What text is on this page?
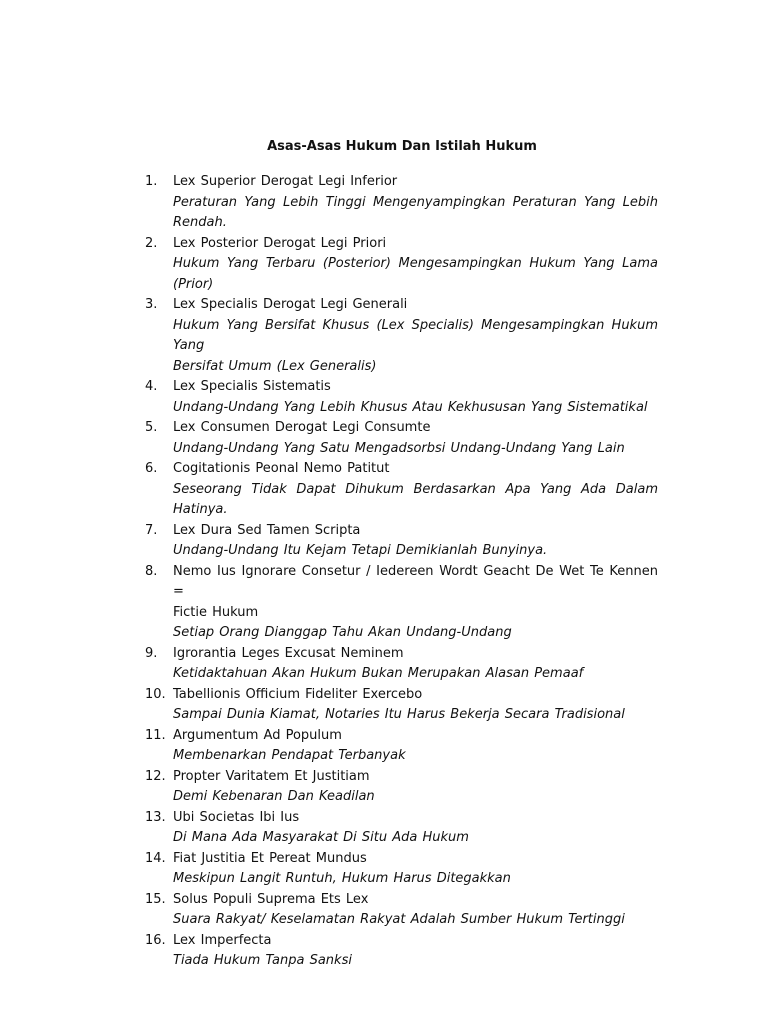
Asas-Asas Hukum Dan Istilah Hukum
1.	Lex Superior Derogat Legi Inferior
Peraturan Yang Lebih Tinggi Mengenyampingkan Peraturan Yang Lebih
Rendah.
2.	Lex Posterior Derogat Legi Priori
Hukum Yang Terbaru (Posterior) Mengesampingkan Hukum Yang Lama
(Prior)
3.	Lex Specialis Derogat Legi Generali
Hukum Yang Bersifat Khusus (Lex Specialis) Mengesampingkan Hukum Yang
Bersifat Umum (Lex Generalis)
4.	Lex Specialis Sistematis
Undang-Undang Yang Lebih Khusus Atau Kekhususan Yang Sistematikal
5.	Lex Consumen Derogat Legi Consumte
Undang-Undang Yang Satu Mengadsorbsi Undang-Undang Yang Lain
6.	Cogitationis Peonal Nemo Patitut
Seseorang Tidak Dapat Dihukum Berdasarkan Apa Yang Ada Dalam Hatinya.
7.	Lex Dura Sed Tamen Scripta
Undang-Undang Itu Kejam Tetapi Demikianlah Bunyinya.
8.	Nemo Ius Ignorare Consetur / Iedereen Wordt Geacht De Wet Te Kennen =
Fictie Hukum
Setiap Orang Dianggap Tahu Akan Undang-Undang
9.	Igrorantia Leges Excusat Neminem
Ketidaktahuan Akan Hukum Bukan Merupakan Alasan Pemaaf
10. Tabellionis Officium Fideliter Exercebo
Sampai Dunia Kiamat, Notaries Itu Harus Bekerja Secara Tradisional
11. Argumentum Ad Populum
Membenarkan Pendapat Terbanyak
12. Propter Varitatem Et Justitiam
Demi Kebenaran Dan Keadilan
13. Ubi Societas Ibi Ius
Di Mana Ada Masyarakat Di Situ Ada Hukum
14. Fiat Justitia Et Pereat Mundus
Meskipun Langit Runtuh, Hukum Harus Ditegakkan
15. Solus Populi Suprema Ets Lex
Suara Rakyat/ Keselamatan Rakyat Adalah Sumber Hukum Tertinggi
16. Lex Imperfecta
Tiada Hukum Tanpa Sanksi
